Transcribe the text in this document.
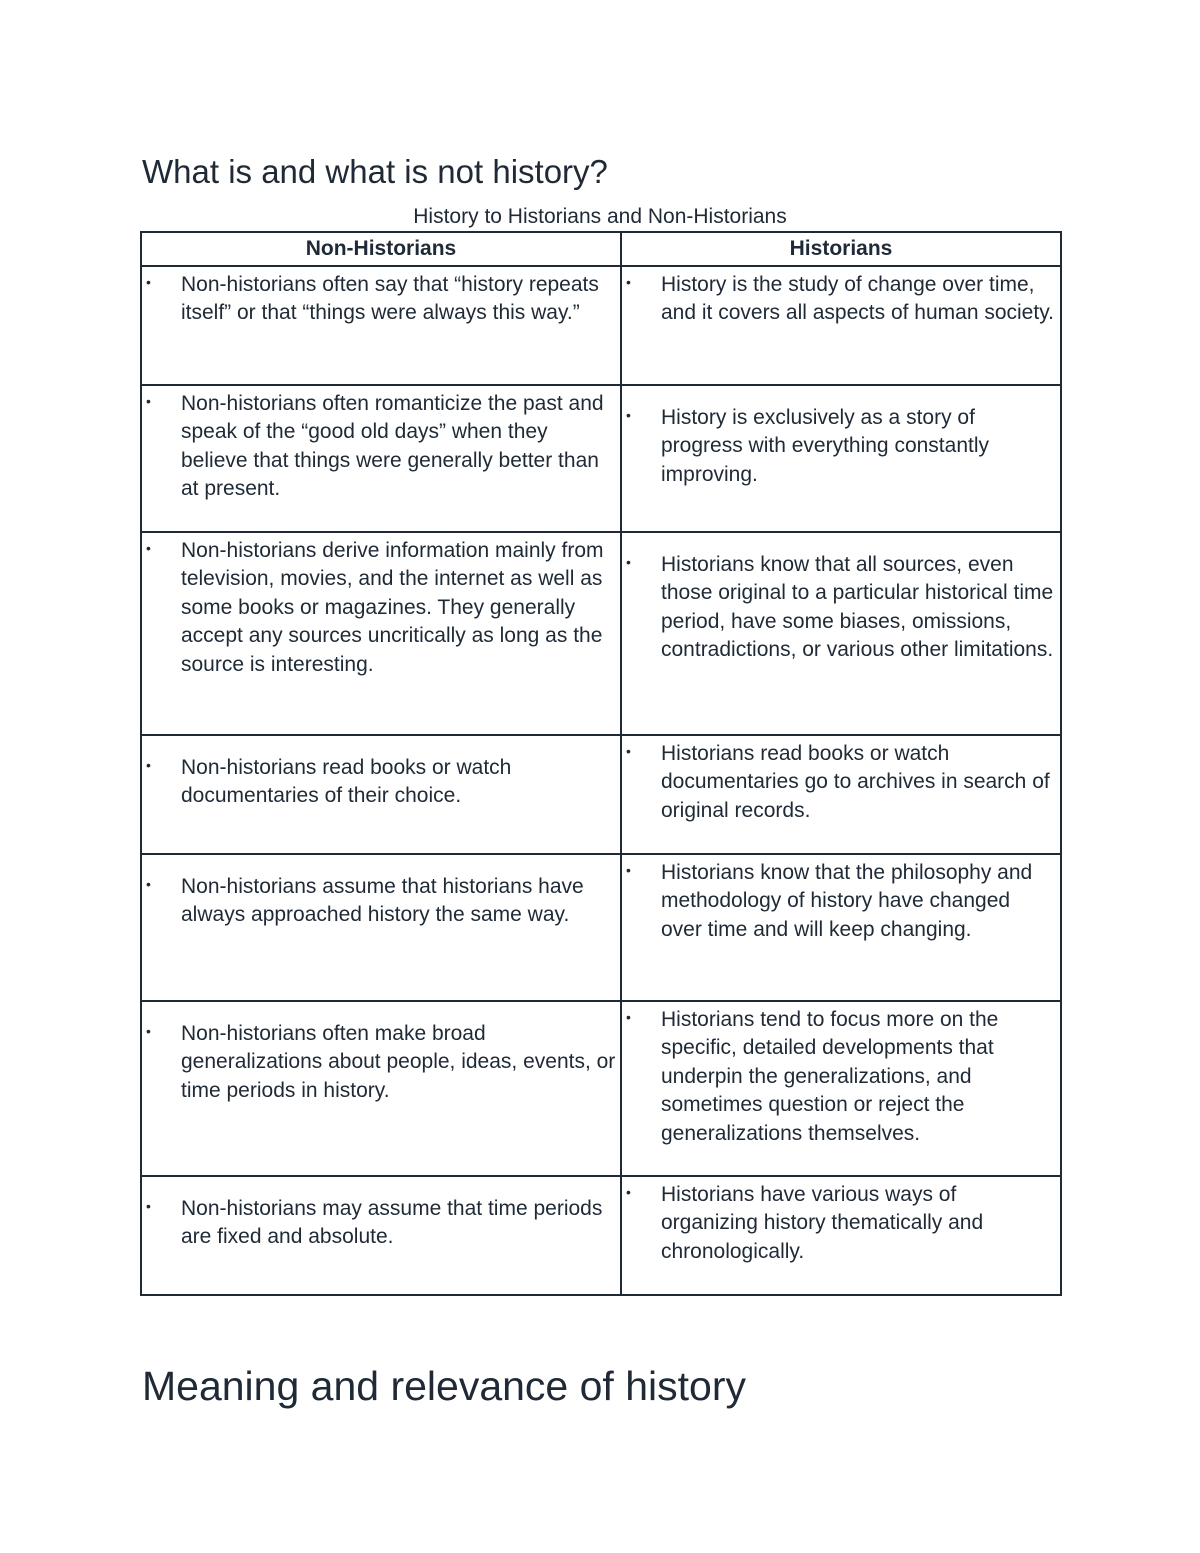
What is and what is not history?
History to Historians and Non-Historians
Non-Historians	Historians

• Non-historians often say that “history repeats itself” or that “things were always this way.”	• History is the study of change over time, and it covers all aspects of human society.

• Non-historians often romanticize the past and speak of the “good old days” when they believe that things were generally better than at present.	• History is exclusively as a story of progress with everything constantly improving.

• Non-historians derive information mainly from television, movies, and the internet as well as some books or magazines. They generally accept any sources uncritically as long as the source is interesting.	• Historians know that all sources, even those original to a particular historical time period, have some biases, omissions, contradictions, or various other limitations.

• Non-historians read books or watch documentaries of their choice.	• Historians read books or watch documentaries go to archives in search of original records.

• Non-historians assume that historians have always approached history the same way.	• Historians know that the philosophy and methodology of history have changed over time and will keep changing.

• Non-historians often make broad generalizations about people, ideas, events, or time periods in history.	• Historians tend to focus more on the specific, detailed developments that underpin the generalizations, and sometimes question or reject the generalizations themselves.

• Non-historians may assume that time periods are fixed and absolute.	• Historians have various ways of organizing history thematically and chronologically.
Meaning and relevance of history
